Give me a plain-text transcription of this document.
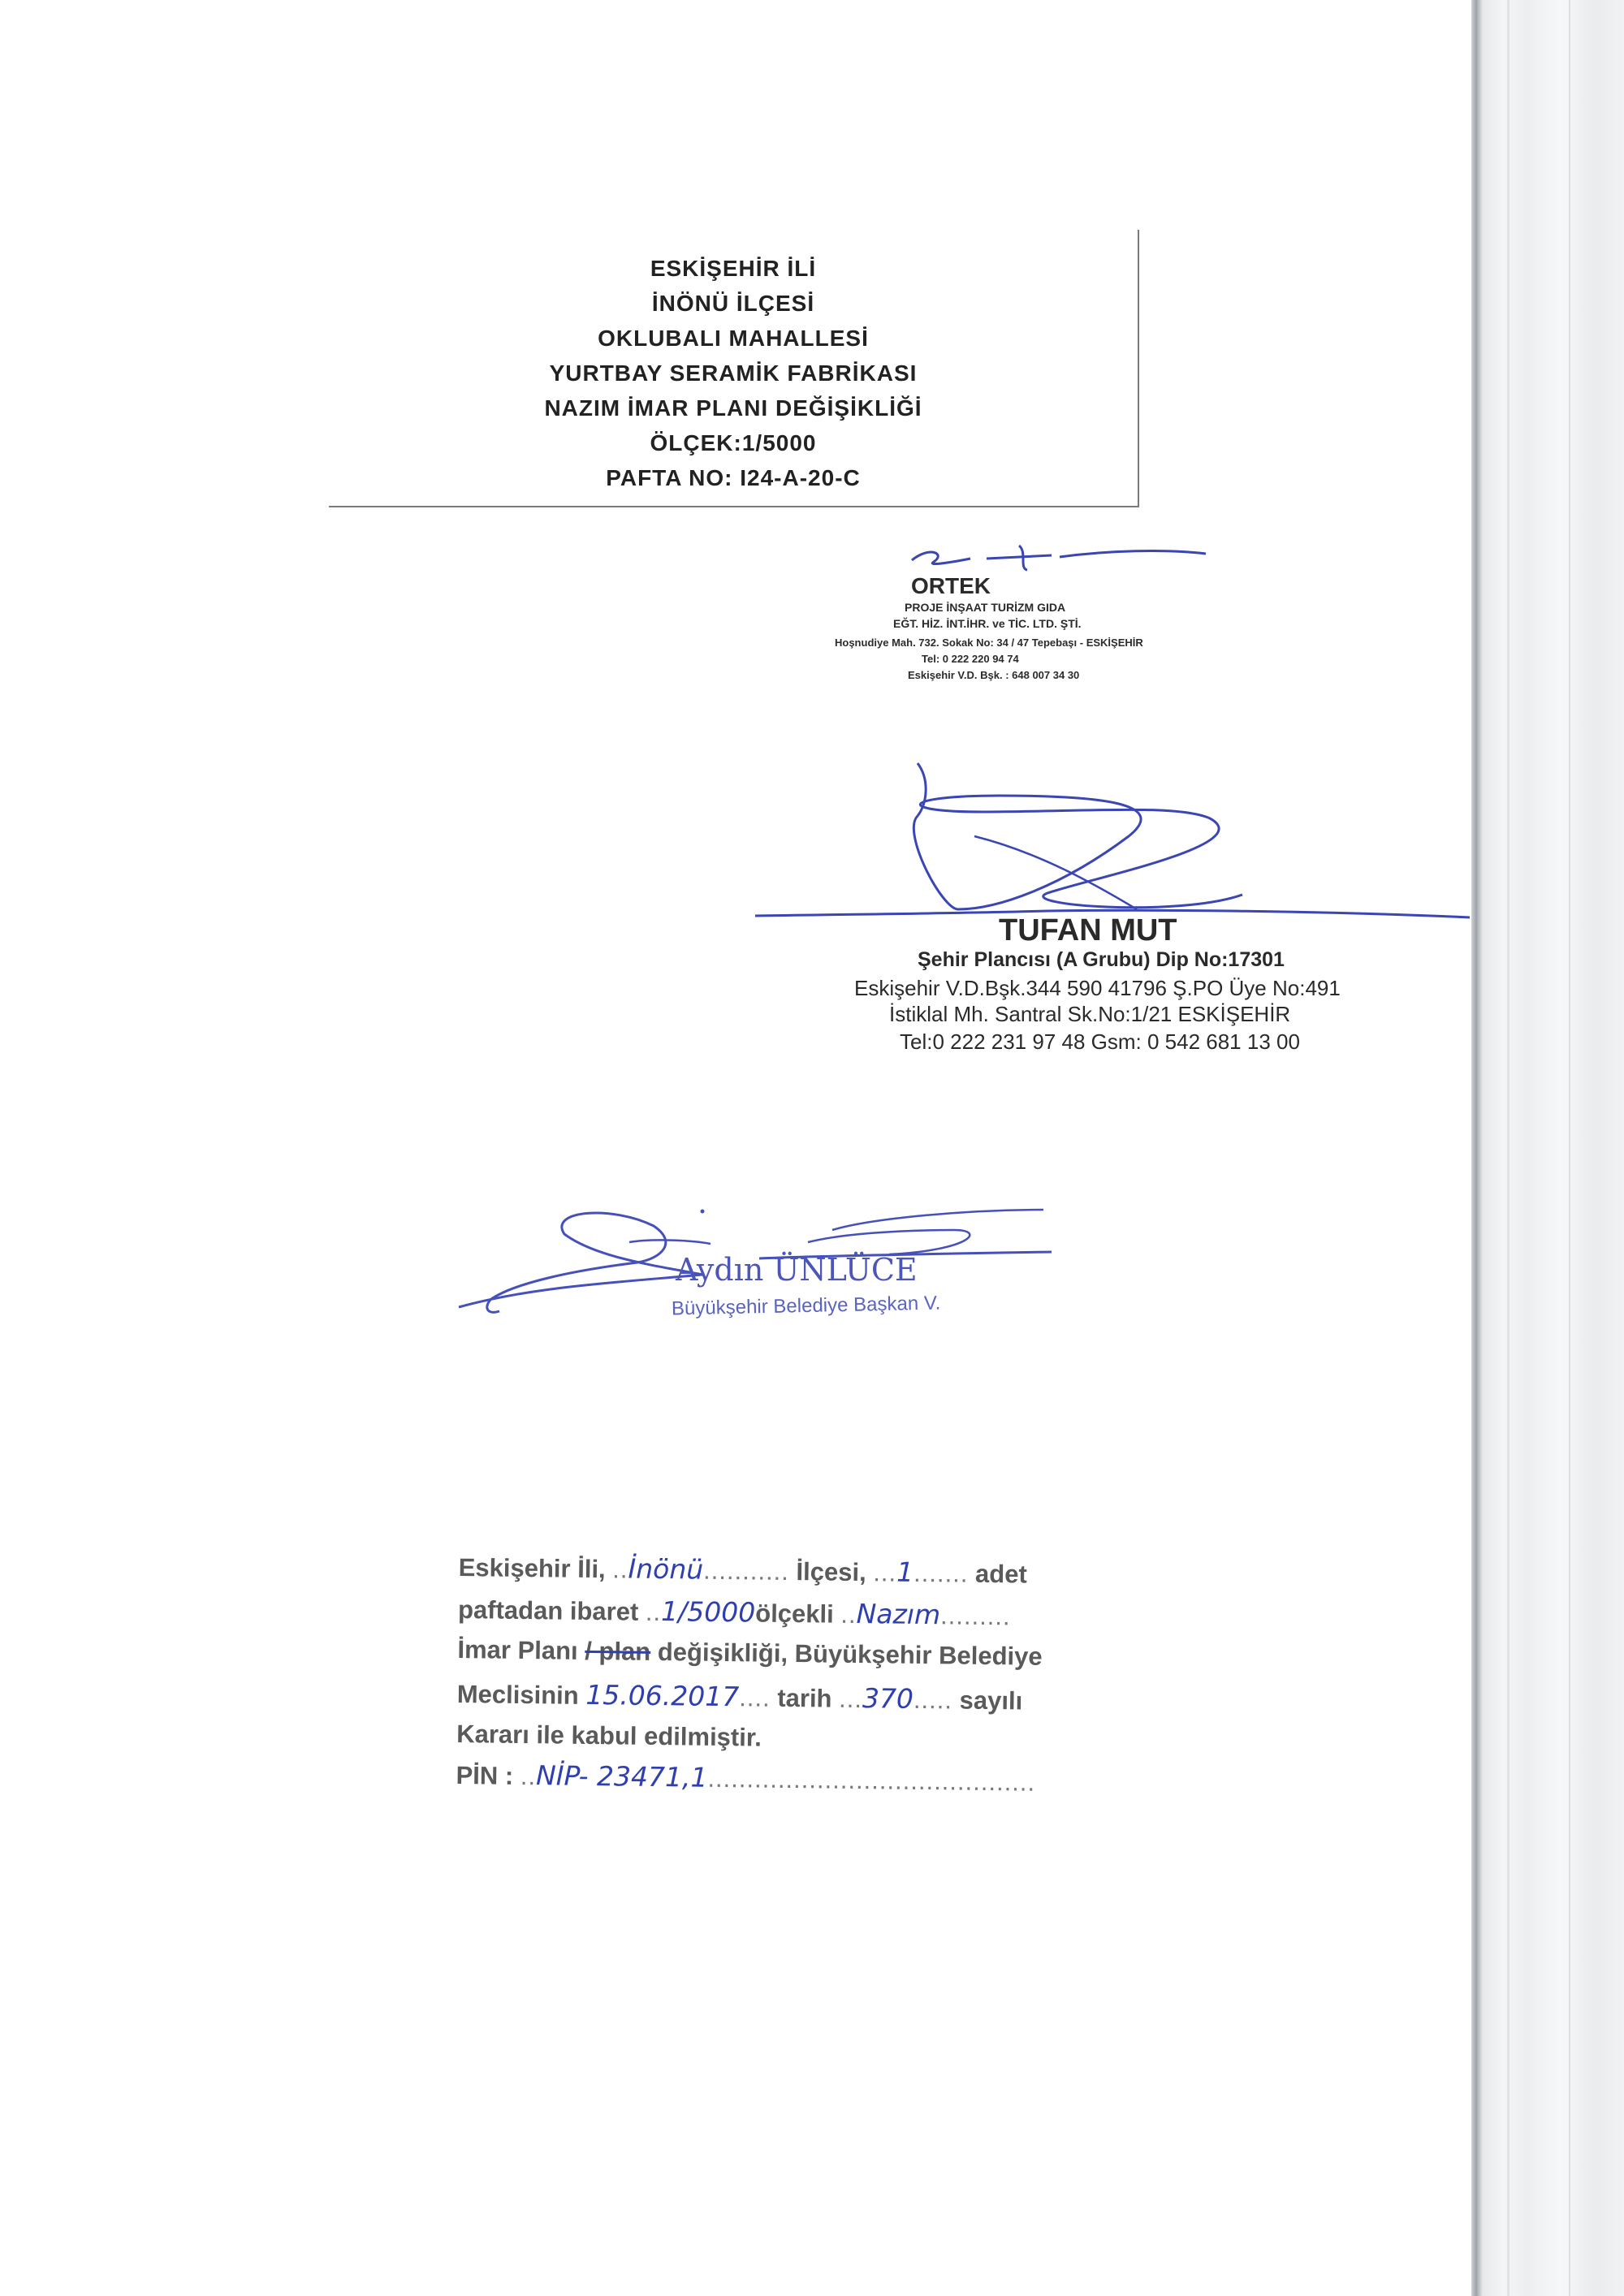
ESKİŞEHİR İLİ
İNÖNÜ İLÇESİ
OKLUBALI MAHALLESİ
YURTBAY SERAMİK FABRİKASI
NAZIM İMAR PLANI DEĞİŞİKLİĞİ
ÖLÇEK:1/5000
PAFTA NO: I24-A-20-C
ORTEK
PROJE İNŞAAT TURİZM GIDA
EĞT. HİZ. İNT.İHR. ve TİC. LTD. ŞTİ.
Hoşnudiye Mah. 732. Sokak No: 34 / 47 Tepebaşı - ESKİŞEHİR
Tel: 0 222 220 94 74
Eskişehir V.D. Bşk. : 648 007 34 30
TUFAN MUT
Şehir Plancısı (A Grubu) Dip No:17301
Eskişehir V.D.Bşk.344 590 41796 Ş.PO Üye No:491
İstiklal Mh. Santral Sk.No:1/21 ESKİŞEHİR
Tel:0 222 231 97 48 Gsm: 0 542 681 13 00
Aydın ÜNLÜCE
Büyükşehir Belediye Başkan V.
Eskişehir İli, ..İnönü........... İlçesi, ...1....... adet
paftadan ibaret ..1/5000ölçekli ..Nazım.........
İmar Planı / plan değişikliği, Büyükşehir Belediye
Meclisinin 15.06.2017.... tarih ...370..... sayılı
Kararı ile kabul edilmiştir.
PİN : ..NİP- 23471,1..........................................
